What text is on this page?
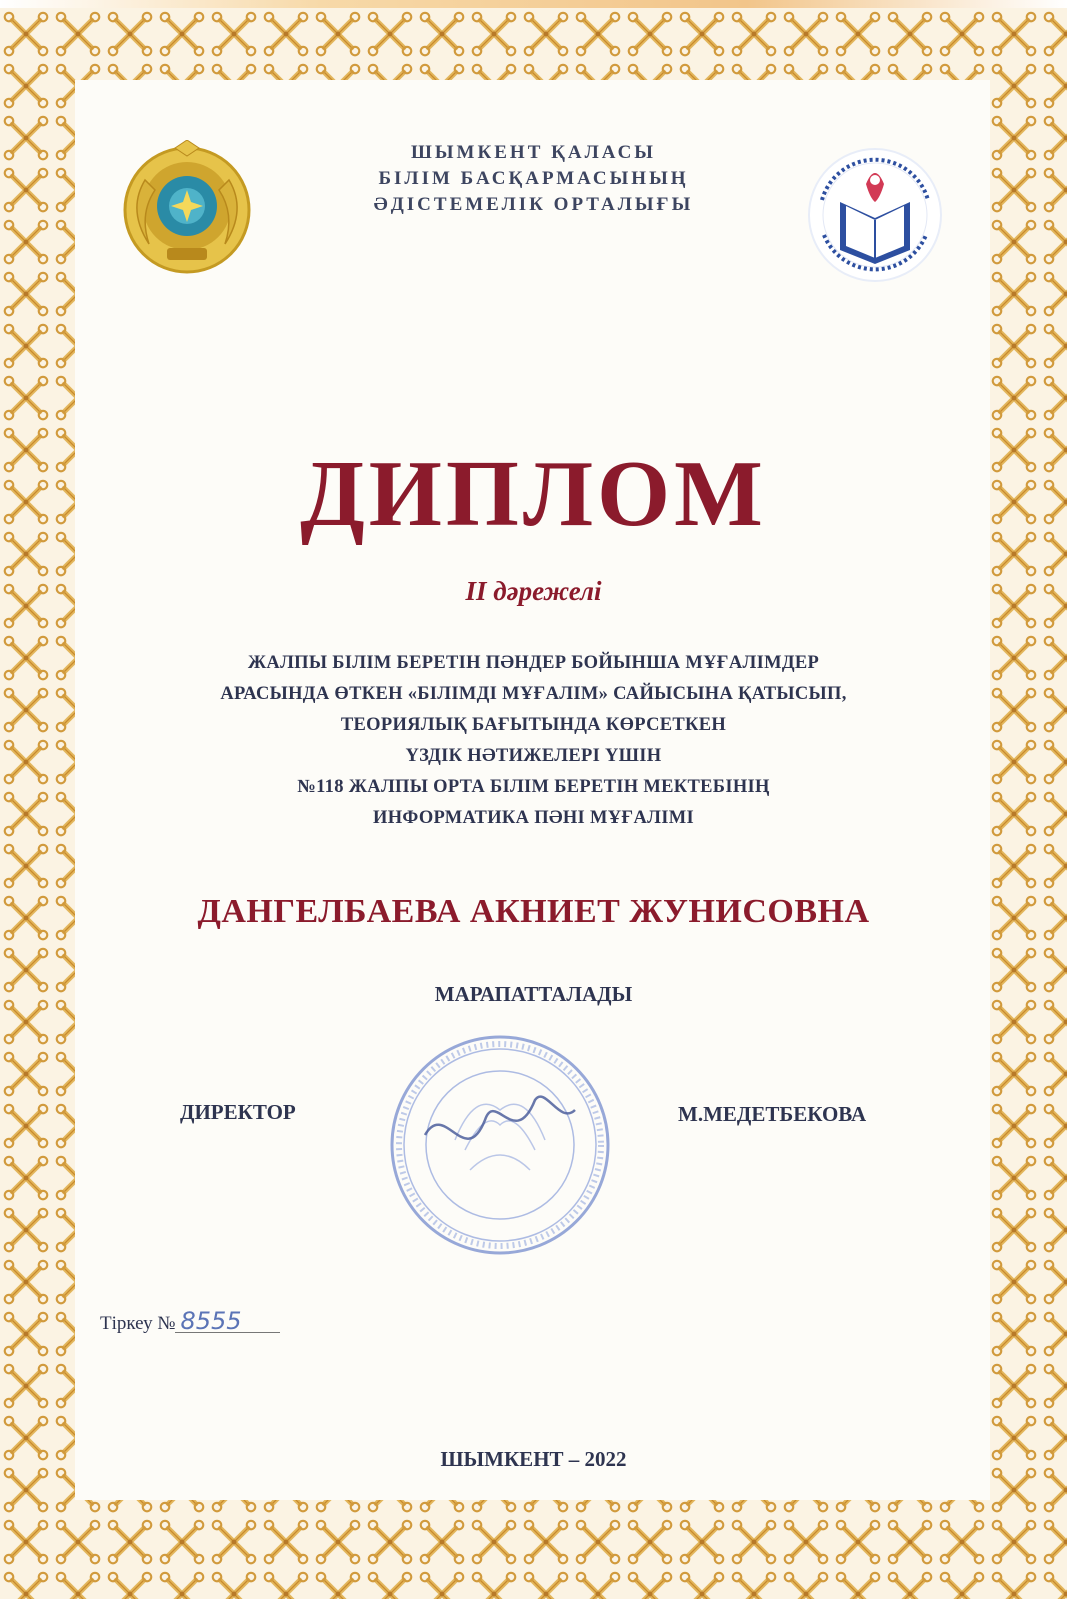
ШЫМКЕНТ ҚАЛАСЫ
БІЛІМ БАСҚАРМАСЫНЫҢ
ӘДІСТЕМЕЛІК ОРТАЛЫҒЫ
ДИПЛОМ
ІІ дәрежелі
ЖАЛПЫ БІЛІМ БЕРЕТІН ПӘНДЕР БОЙЫНША МҰҒАЛІМДЕР
АРАСЫНДА ӨТКЕН «БІЛІМДІ МҰҒАЛІМ» САЙЫСЫНА ҚАТЫСЫП,
ТЕОРИЯЛЫҚ БАҒЫТЫНДА КӨРСЕТКЕН
ҮЗДІК НӘТИЖЕЛЕРІ ҮШІН
№118 ЖАЛПЫ ОРТА БІЛІМ БЕРЕТІН МЕКТЕБІНІҢ
ИНФОРМАТИКА ПӘНІ МҰҒАЛІМІ
ДАНГЕЛБАЕВА АКНИЕТ ЖУНИСОВНА
МАРАПАТТАЛАДЫ
ДИРЕКТОР	М.МЕДЕТБЕКОВА
Тіркеу № 8555
ШЫМКЕНТ – 2022
